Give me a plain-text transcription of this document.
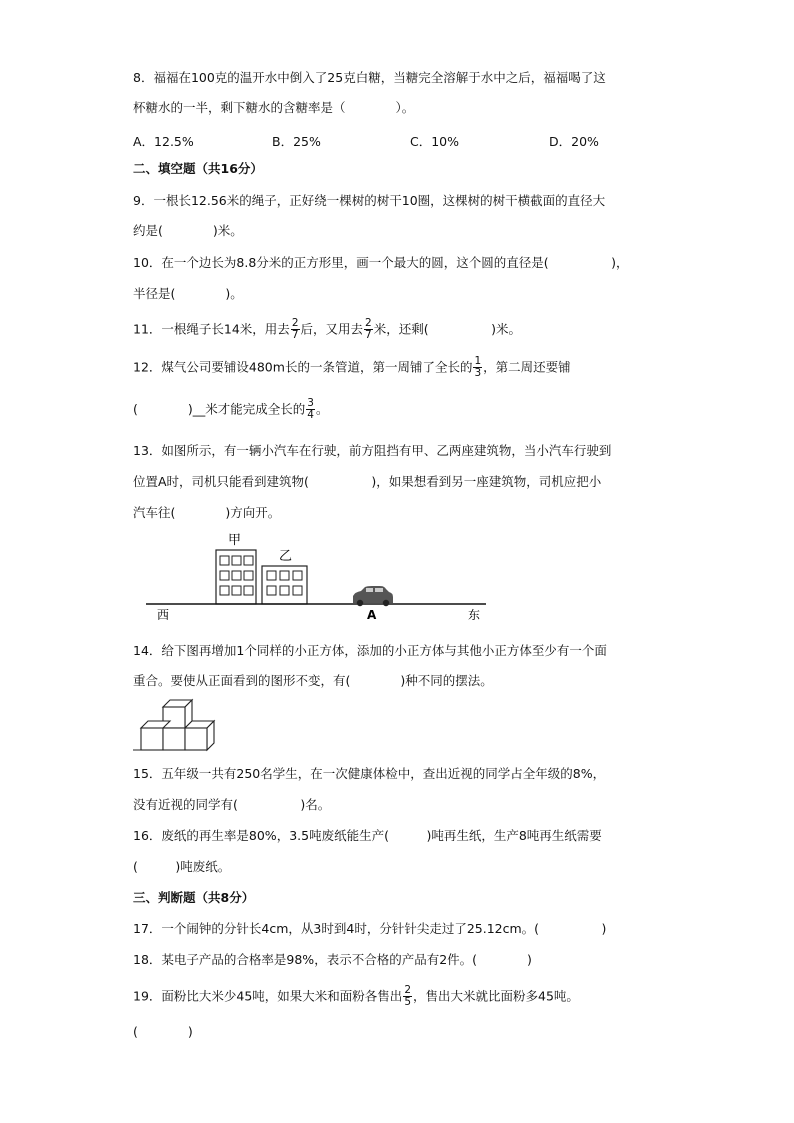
8．福福在100克的温开水中倒入了25克白糖，当糖完全溶解于水中之后，福福喝了这
杯糖水的一半，剩下糖水的含糖率是（　　　　）。
A．12.5%	B．25%	C．10%	D．20%
二、填空题（共16分）
9．一根长12.56米的绳子，正好绕一棵树的树干10圈，这棵树的树干横截面的直径大
约是(　　　　)米。
10．在一个边长为8.8分米的正方形里，画一个最大的圆，这个圆的直径是(　　　　　)，
半径是(　　　　)。
11．一根绳子长14米，用去 $\frac{2}{7}$ 后，又用去 $\frac{2}{7}$ 米，还剩(　　　　　)米。
12．煤气公司要铺设480m长的一条管道，第一周铺了全长的 $\frac{1}{3}$ ，第二周还要铺
(　　　　)__米才能完成全长的 $\frac{3}{4}$ 。
13．如图所示，有一辆小汽车在行驶，前方阻挡有甲、乙两座建筑物，当小汽车行驶到
位置A时，司机只能看到建筑物(　　　　　)，如果想看到另一座建筑物，司机应把小
汽车往(　　　　)方向开。
甲
乙
A
西	东
14．给下图再增加1个同样的小正方体，添加的小正方体与其他小正方体至少有一个面
重合。要使从正面看到的图形不变，有(　　　　)种不同的摆法。
15．五年级一共有250名学生，在一次健康体检中，查出近视的同学占全年级的8%，
没有近视的同学有(　　　　　)名。
16．废纸的再生率是80%，3.5吨废纸能生产(　　　)吨再生纸，生产8吨再生纸需要
(　　　)吨废纸。
三、判断题（共8分）
17．一个闹钟的分针长4cm，从3时到4时，分针针尖走过了25.12cm。(　　　　　)
18．某电子产品的合格率是98%，表示不合格的产品有2件。(　　　　)
19．面粉比大米少45吨，如果大米和面粉各售出 $\frac{2}{5}$ ，售出大米就比面粉多45吨。
(　　　　)
